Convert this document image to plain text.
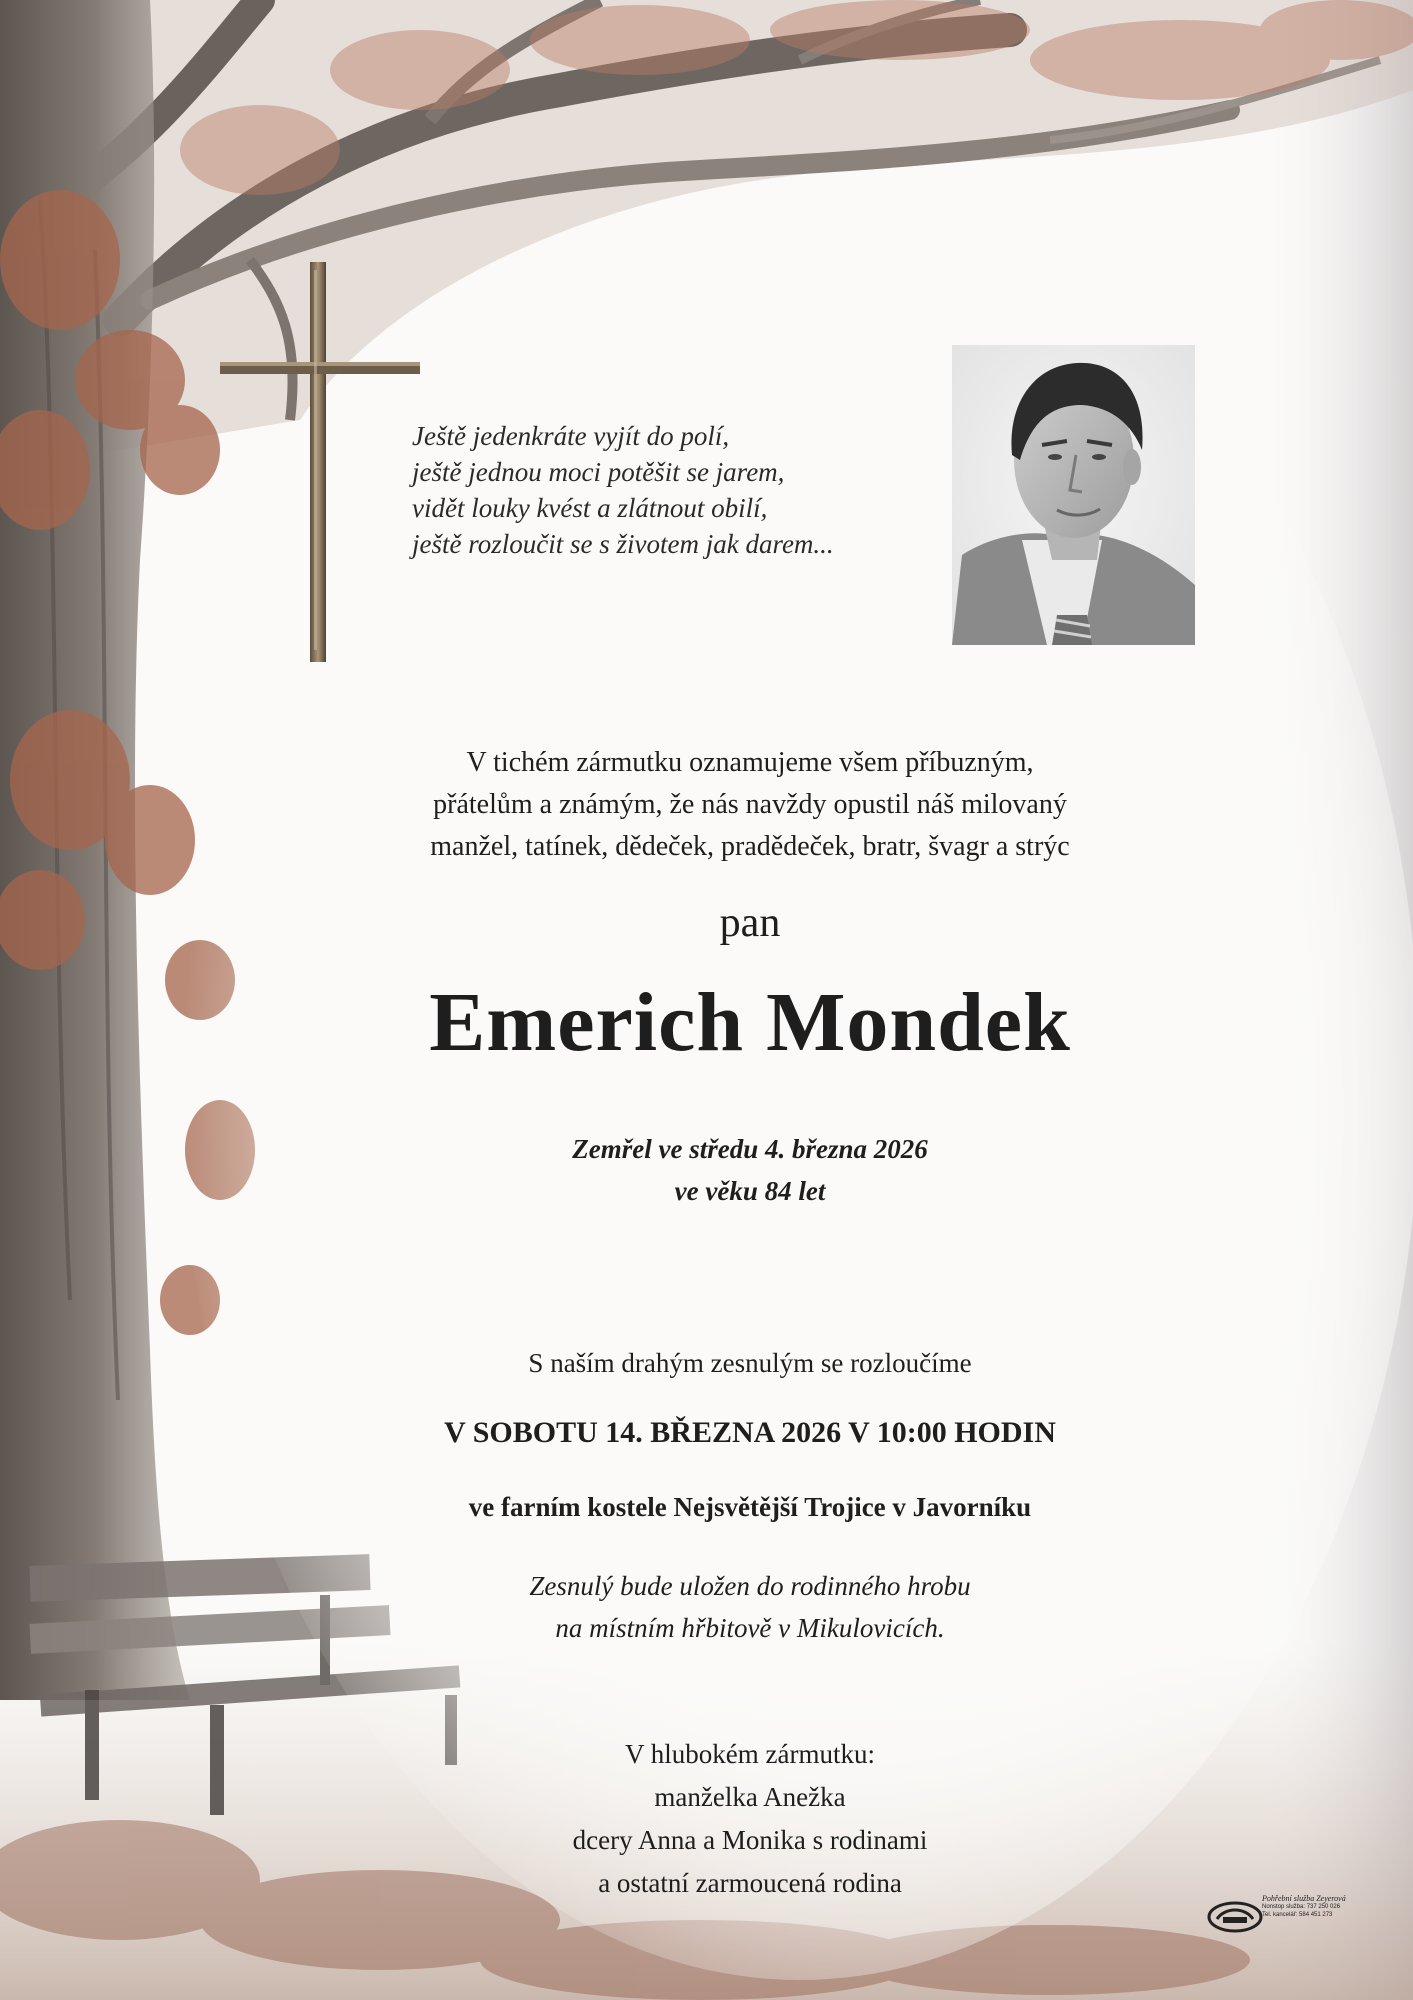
Ještě jedenkráte vyjít do polí,
ještě jednou moci potěšit se jarem,
vidět louky kvést a zlátnout obilí,
ještě rozloučit se s životem jak darem...
V tichém zármutku oznamujeme všem příbuzným,
přátelům a známým, že nás navždy opustil náš milovaný
manžel, tatínek, dědeček, pradědeček, bratr, švagr a strýc
pan
Emerich Mondek
Zemřel ve středu 4. března 2026
ve věku 84 let
S naším drahým zesnulým se rozloučíme
V SOBOTU 14. BŘEZNA 2026 V 10:00 HODIN
ve farním kostele Nejsvětější Trojice v Javorníku
Zesnulý bude uložen do rodinného hrobu
na místním hřbitově v Mikulovicích.
V hlubokém zármutku:
manželka Anežka
dcery Anna a Monika s rodinami
a ostatní zarmoucená rodina
Pohřební služba Zeyerová
Nonstop služba: 737 250 026
Tel. kancelář: 584 451 273
